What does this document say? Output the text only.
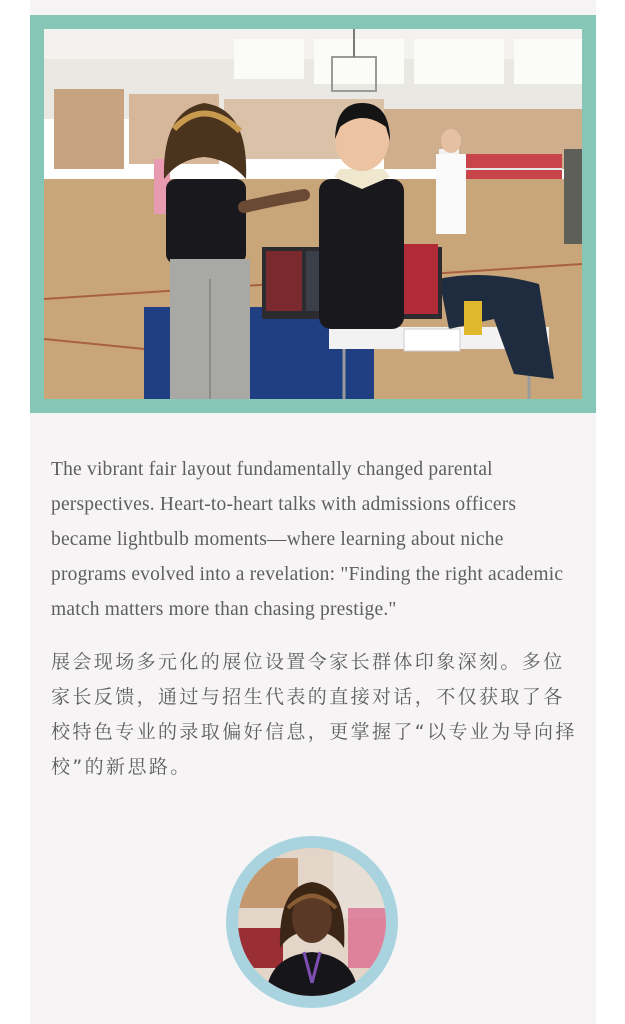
The vibrant fair layout fundamentally changed parental perspectives. Heart-to-heart talks with admissions officers became lightbulb moments—where learning about niche programs evolved into a revelation: "Finding the right academic match matters more than chasing prestige."

展会现场多元化的展位设置令家长群体印象深刻。多位家长反馈，通过与招生代表的直接对话，不仅获取了各校特色专业的录取偏好信息，更掌握了“以专业为导向择校”的新思路。
